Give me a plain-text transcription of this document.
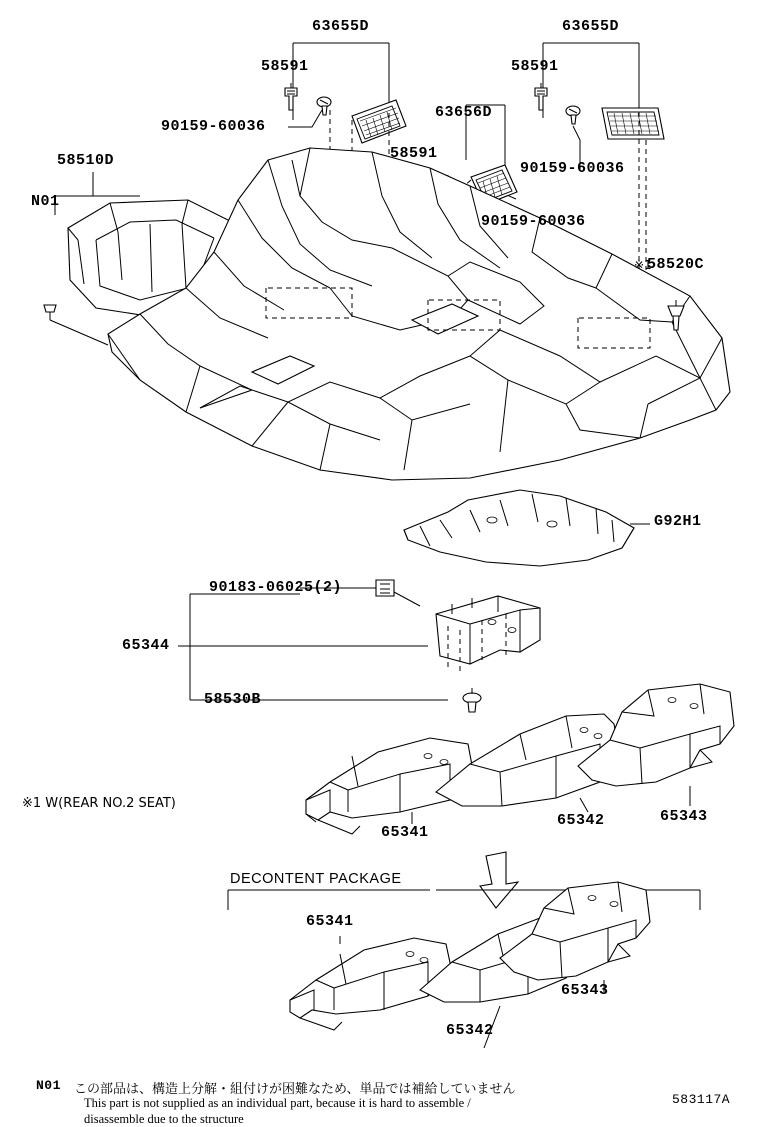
63655D
58591
90159-60036
63655D
58591
90159-60036
63656D
58591
90159-60036
58510D
N01
※1
58520C
G92H1
90183-06025(2)
65344
58530B
65341
65342	65343
※1 W(REAR NO.2 SEAT)
DECONTENT PACKAGE
65341
65342
65343
N01 この部品は、構造上分解・組付けが困難なため、単品では補給していません
This part is not supplied as an individual part, because it is hard to assemble /
disassemble due to the structure
583117A
